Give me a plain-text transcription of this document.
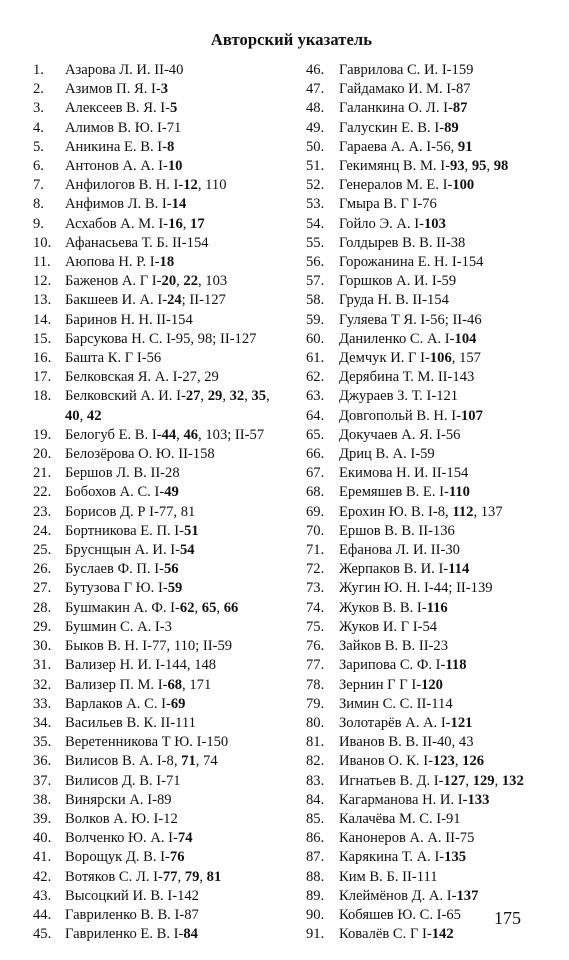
Авторский указатель
1.	Азарова Л. И. II-40
2.	Азимов П. Я. I-3
3.	Алексеев В. Я. I-5
4.	Алимов В. Ю. I-71
5.	Аникина Е. В. I-8
6.	Антонов А. А. I-10
7.	Анфилогов В. Н. I-12, 110
8.	Анфимов Л. В. I-14
9.	Асхабов А. М. I-16, 17
10. Афанасьева Т. Б. II-154
11. Аюпова Н. Р. I-18
12. Баженов А. Г I-20, 22, 103
13. Бакшеев И. А. I-24; II-127
14. Баринов Н. Н. II-154
15. Барсукова Н. С. I-95, 98; II-127
16. Башта К. Г I-56
17. Белковская Я. А. I-27, 29
18. Белковский А. И. I-27, 29, 32, 35,
40, 42
19. Белогуб Е. В. I-44, 46, 103; II-57
20. Белозёрова О. Ю. II-158
21. Бершов Л. В. II-28
22. Бобохов А. С. I-49
23. Борисов Д. Р I-77, 81
24. Бортникова Е. П. I-51
25. Бруснщын А. И. I-54
26. Буслаев Ф. П. I-56
27. Бутузова Г Ю. I-59
28. Бушмакин А. Ф. I-62, 65, 66
29. Бушмин С. А. I-3
30. Быков В. Н. I-77, 110; II-59
31. Вализер Н. И. I-144, 148
32. Вализер П. М. I-68, 171
33. Варлаков А. С. I-69
34. Васильев В. К. II-111
35. Веретенникова Т Ю. I-150
36. Вилисов В. А. I-8, 71, 74
37. Вилисов Д. В. I-71
38. Винярски А. I-89
39. Волков А. Ю. I-12
40. Волченко Ю. А. I-74
41. Ворощук Д. В. I-76
42. Вотяков С. Л. I-77, 79, 81
43. Высоцкий И. В. I-142
44. Гавриленко В. В. I-87
45. Гавриленко Е. В. I-84
46.	Гаврилова С. И. I-159
47.	Гайдамако И. М. I-87
48.	Галанкина О. Л. I-87
49.	Галускин Е. В. I-89
50.	Гараева А. А. I-56, 91
51.	Гекимянц В. М. I-93, 95, 98
52.	Генералов М. Е. I-100
53.	Гмыра В. Г I-76
54.	Гойло Э. А. I-103
55.	Голдырев В. В. II-38
56.	Горожанина Е. Н. I-154
57.	Горшков А. И. I-59
58.	Груда Н. В. II-154
59.	Гуляева Т Я. I-56; II-46
60.	Даниленко С. А. I-104
61.	Демчук И. Г I-106, 157
62.	Дерябина Т. М. II-143
63.	Джураев З. Т. I-121
64.	Довгопольй В. Н. I-107
65.	Докучаев А. Я. I-56
66.	Дриц В. А. I-59
67.	Екимова Н. И. II-154
68.	Еремяшев В. Е. I-110
69.	Ерохин Ю. В. I-8, 112, 137
70.	Ершов В. В. II-136
71.	Ефанова Л. И. II-30
72.	Жерпаков В. И. I-114
73.	Жугин Ю. Н. I-44; II-139
74.	Жуков В. В. I-116
75.	Жуков И. Г I-54
76.	Зайков В. В. II-23
77.	Зарипова С. Ф. I-118
78.	Зернин Г Г I-120
79.	Зимин С. С. II-114
80.	Золотарёв А. А. I-121
81.	Иванов В. В. II-40, 43
82.	Иванов О. К. I-123, 126
83.	Игнатьев В. Д. I-127, 129, 132
84.	Кагарманова Н. И. I-133
85.	Калачёва М. С. I-91
86.	Канонеров А. А. II-75
87.	Карякина Т. А. I-135
88.	Ким В. Б. II-111
89.	Клеймёнов Д. А. I-137
90.	Кобяшев Ю. С. I-65
91.	Ковалёв С. Г I-142
175
